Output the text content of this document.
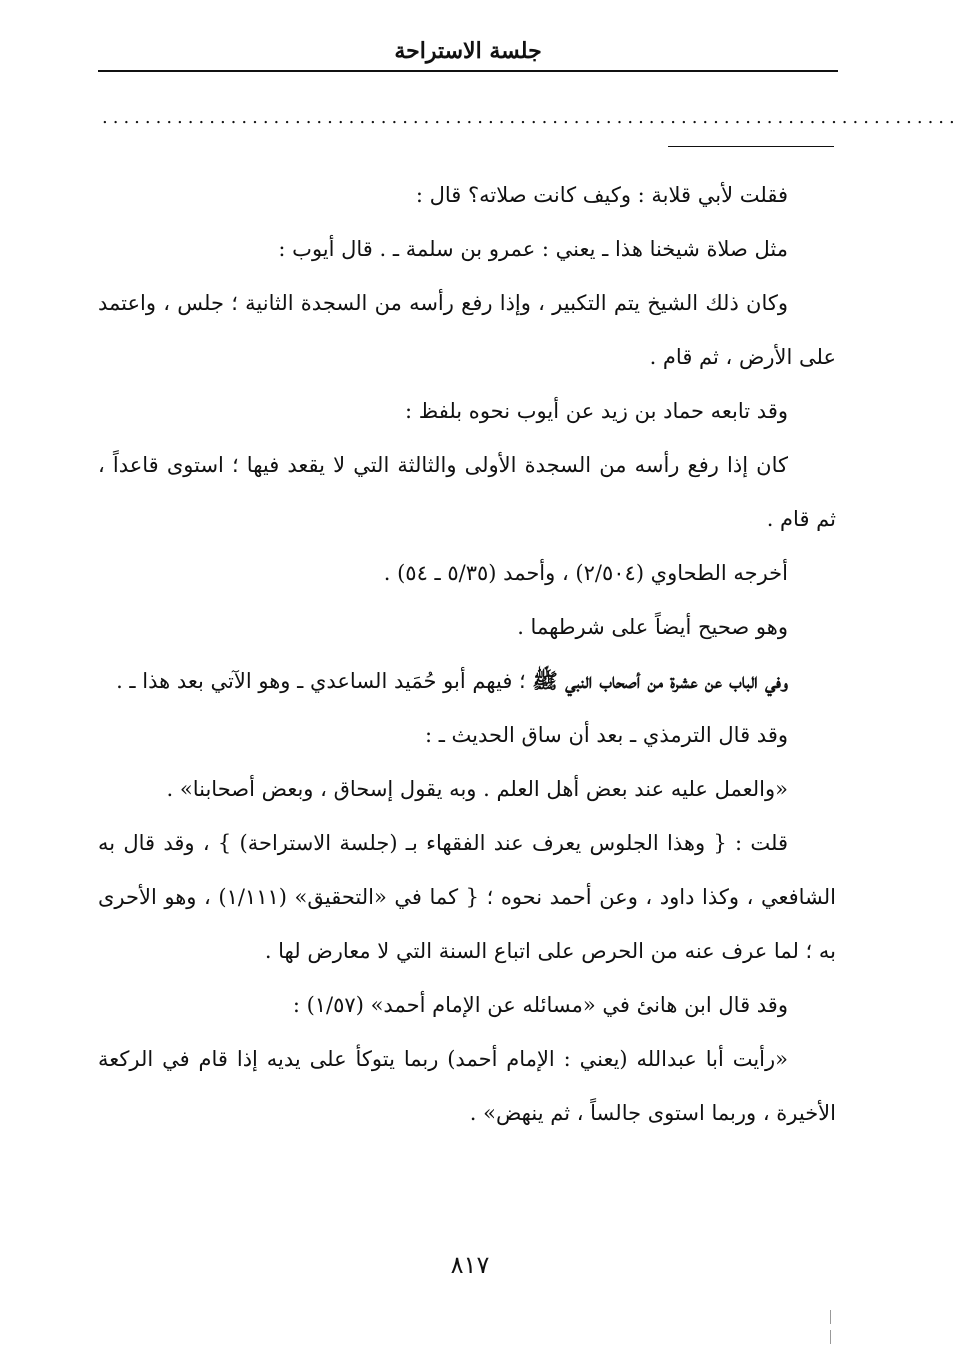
جلسة الاستراحة
................................................................................

فقلت لأبي قلابة : وكيف كانت صلاته؟ قال :

مثل صلاة شيخنا هذا ـ يعني : عمرو بن سلمة ـ . قال أيوب :

وكان ذلك الشيخ يتم التكبير ، وإذا رفع رأسه من السجدة الثانية ؛ جلس ، واعتمد على الأرض ، ثم قام .

وقد تابعه حماد بن زيد عن أيوب نحوه بلفظ :

كان إذا رفع رأسه من السجدة الأولى والثالثة التي لا يقعد فيها ؛ استوى قاعداً ، ثم قام .

أخرجه الطحاوي (٢/٥٠٤) ، وأحمد (٥/٣٥ ـ ٥٤) .

وهو صحيح أيضاً على شرطهما .

وفي الباب عن عشرة من أصحاب النبي ﷺ ؛ فيهم أبو حُمَيد الساعدي ـ وهو الآتي بعد هذا ـ .

وقد قال الترمذي ـ بعد أن ساق الحديث ـ :

«والعمل عليه عند بعض أهل العلم . وبه يقول إسحاق ، وبعض أصحابنا» .

قلت : { وهذا الجلوس يعرف عند الفقهاء بـ (جلسة الاستراحة) } ، وقد قال به الشافعي ، وكذا داود ، وعن أحمد نحوه ؛ { كما في «التحقيق» (١/١١١) ، وهو الأحرى به ؛ لما عرف عنه من الحرص على اتباع السنة التي لا معارض لها .

وقد قال ابن هانئ في «مسائله عن الإمام أحمد» (١/٥٧) :

«رأيت أبا عبدالله (يعني : الإمام أحمد) ربما يتوكأ على يديه إذا قام في الركعة الأخيرة ، وربما استوى جالساً ، ثم ينهض» .

٨١٧
